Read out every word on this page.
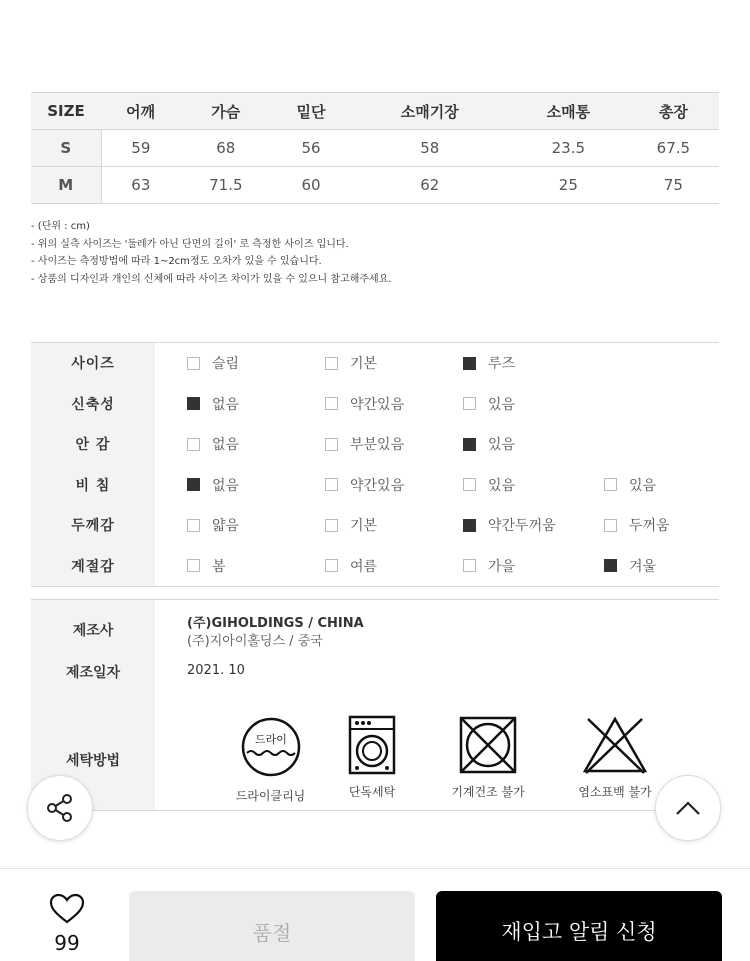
SIZE	어깨	가슴	밑단	소매기장	소매통	총장
S	59	68	56	58	23.5	67.5
M	63	71.5	60	62	25	75
- (단위 : cm)
- 위의 실측 사이즈는 '둘레가 아닌 단면의 길이' 로 측정한 사이즈 입니다.
- 사이즈는 측정방법에 따라 1~2cm정도 오차가 있을 수 있습니다.
- 상품의 디자인과 개인의 신체에 따라 사이즈 차이가 있을 수 있으니 참고해주세요.
사이즈	슬림	기본	루즈
신축성	없음	약간있음	있음
안 감	없음	부분있음	있음
비 침	없음	약간있음	있음	있음
두께감	얇음	기본	약간두꺼움	두꺼움
계절감	봄	여름	가을	겨울
제조사	(주)GIHOLDINGS / CHINA
(주)지아이홀딩스 / 중국
제조일자	2021. 10
세탁방법
드라이
드라이클리닝	단독세탁	기계건조 불가	염소표백 불가
99	품절	재입고 알림 신청
